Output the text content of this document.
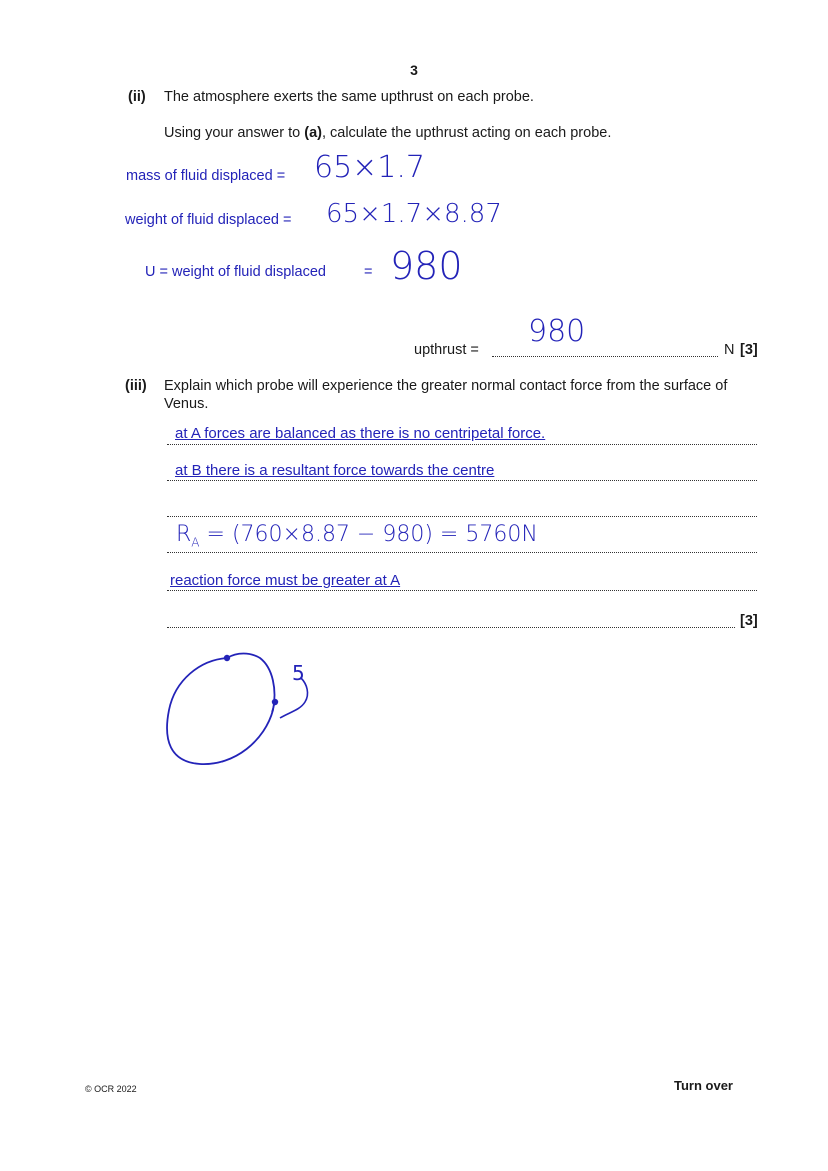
3
(ii) The atmosphere exerts the same upthrust on each probe.
Using your answer to (a), calculate the upthrust acting on each probe.
mass of fluid displaced = 65×1.7
weight of fluid displaced = 65×1.7×8.87
U = weight of fluid displaced	= 980
upthrust =
980
N [3]
(iii) Explain which probe will experience the greater normal contact force from the surface of
Venus.
at A forces are balanced as there is no centripetal force.
at B there is a resultant force towards the centre
$R_A = (760\times 8.87 - 980) = 5760N$
reaction force must be greater at A
[3]
5
© OCR 2022	Turn over
